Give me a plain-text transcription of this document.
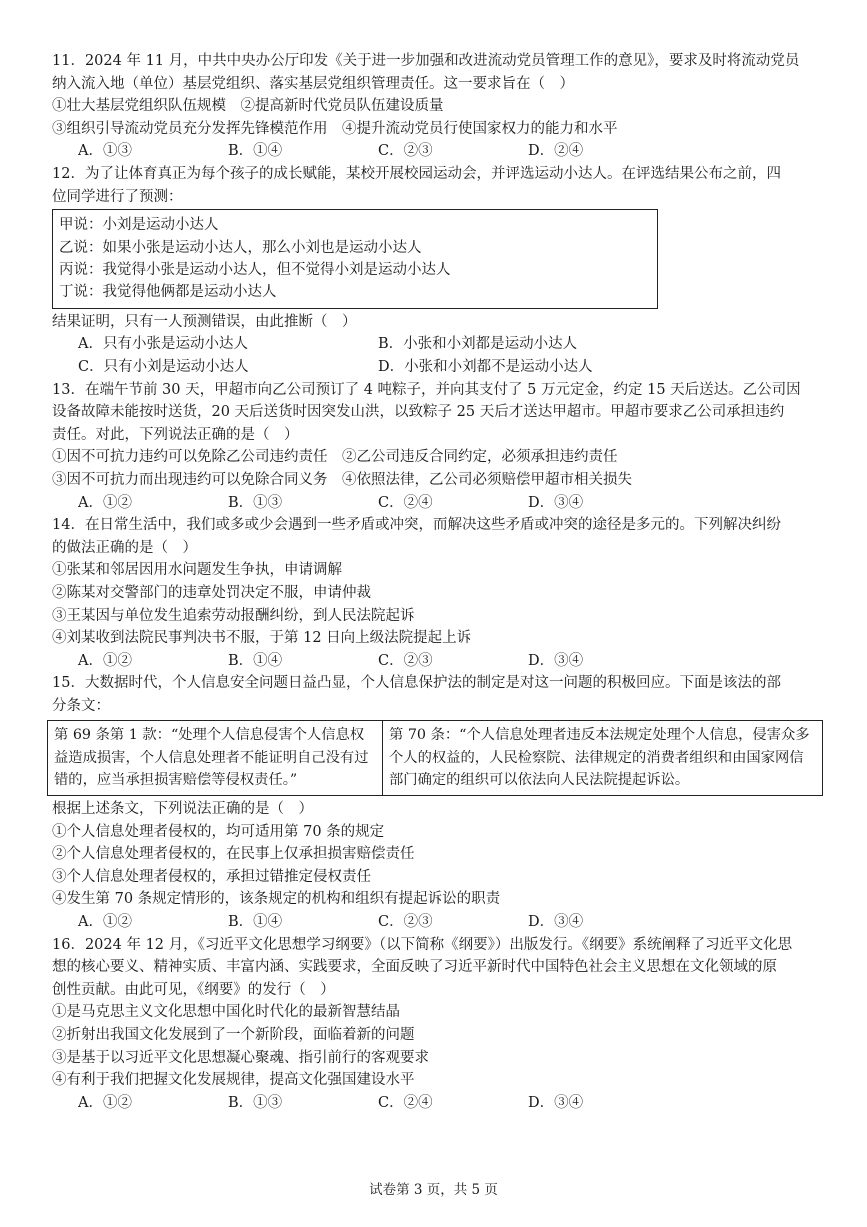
11．2024 年 11 月，中共中央办公厅印发《关于进一步加强和改进流动党员管理工作的意见》，要求及时将流动党员
纳入流入地（单位）基层党组织、落实基层党组织管理责任。这一要求旨在（　）
①壮大基层党组织队伍规模　②提高新时代党员队伍建设质量
③组织引导流动党员充分发挥先锋模范作用　④提升流动党员行使国家权力的能力和水平
A．①③	B．①④	C．②③	D．②④
12．为了让体育真正为每个孩子的成长赋能，某校开展校园运动会，并评选运动小达人。在评选结果公布之前，四
位同学进行了预测：
甲说：小刘是运动小达人
乙说：如果小张是运动小达人，那么小刘也是运动小达人
丙说：我觉得小张是运动小达人，但不觉得小刘是运动小达人
丁说：我觉得他俩都是运动小达人
结果证明，只有一人预测错误，由此推断（　）
A．只有小张是运动小达人	B．小张和小刘都是运动小达人
C．只有小刘是运动小达人	D．小张和小刘都不是运动小达人
13．在端午节前 30 天，甲超市向乙公司预订了 4 吨粽子，并向其支付了 5 万元定金，约定 15 天后送达。乙公司因
设备故障未能按时送货，20 天后送货时因突发山洪，以致粽子 25 天后才送达甲超市。甲超市要求乙公司承担违约
责任。对此，下列说法正确的是（　）
①因不可抗力违约可以免除乙公司违约责任　②乙公司违反合同约定，必须承担违约责任
③因不可抗力而出现违约可以免除合同义务　④依照法律，乙公司必须赔偿甲超市相关损失
A．①②	B．①③	C．②④	D．③④
14．在日常生活中，我们或多或少会遇到一些矛盾或冲突，而解决这些矛盾或冲突的途径是多元的。下列解决纠纷
的做法正确的是（　）
①张某和邻居因用水问题发生争执，申请调解
②陈某对交警部门的违章处罚决定不服，申请仲裁
③王某因与单位发生追索劳动报酬纠纷，到人民法院起诉
④刘某收到法院民事判决书不服，于第 12 日向上级法院提起上诉
A．①②	B．①④	C．②③	D．③④
15．大数据时代，个人信息安全问题日益凸显，个人信息保护法的制定是对这一问题的积极回应。下面是该法的部
分条文：
第 69 条第 1 款：“处理个人信息侵害个人信息权益造成损害，个人信息处理者不能证明自己没有过错的，应当承担损害赔偿等侵权责任。”	第 70 条：“个人信息处理者违反本法规定处理个人信息，侵害众多个人的权益的，人民检察院、法律规定的消费者组织和由国家网信部门确定的组织可以依法向人民法院提起诉讼。
根据上述条文，下列说法正确的是（　）
①个人信息处理者侵权的，均可适用第 70 条的规定
②个人信息处理者侵权的，在民事上仅承担损害赔偿责任
③个人信息处理者侵权的，承担过错推定侵权责任
④发生第 70 条规定情形的，该条规定的机构和组织有提起诉讼的职责
A．①②	B．①④	C．②③	D．③④
16．2024 年 12 月，《习近平文化思想学习纲要》（以下简称《纲要》）出版发行。《纲要》系统阐释了习近平文化思
想的核心要义、精神实质、丰富内涵、实践要求，全面反映了习近平新时代中国特色社会主义思想在文化领域的原
创性贡献。由此可见，《纲要》的发行（　）
①是马克思主义文化思想中国化时代化的最新智慧结晶
②折射出我国文化发展到了一个新阶段，面临着新的问题
③是基于以习近平文化思想凝心聚魂、指引前行的客观要求
④有利于我们把握文化发展规律，提高文化强国建设水平
A．①②	B．①③	C．②④	D．③④
试卷第 3 页，共 5 页
